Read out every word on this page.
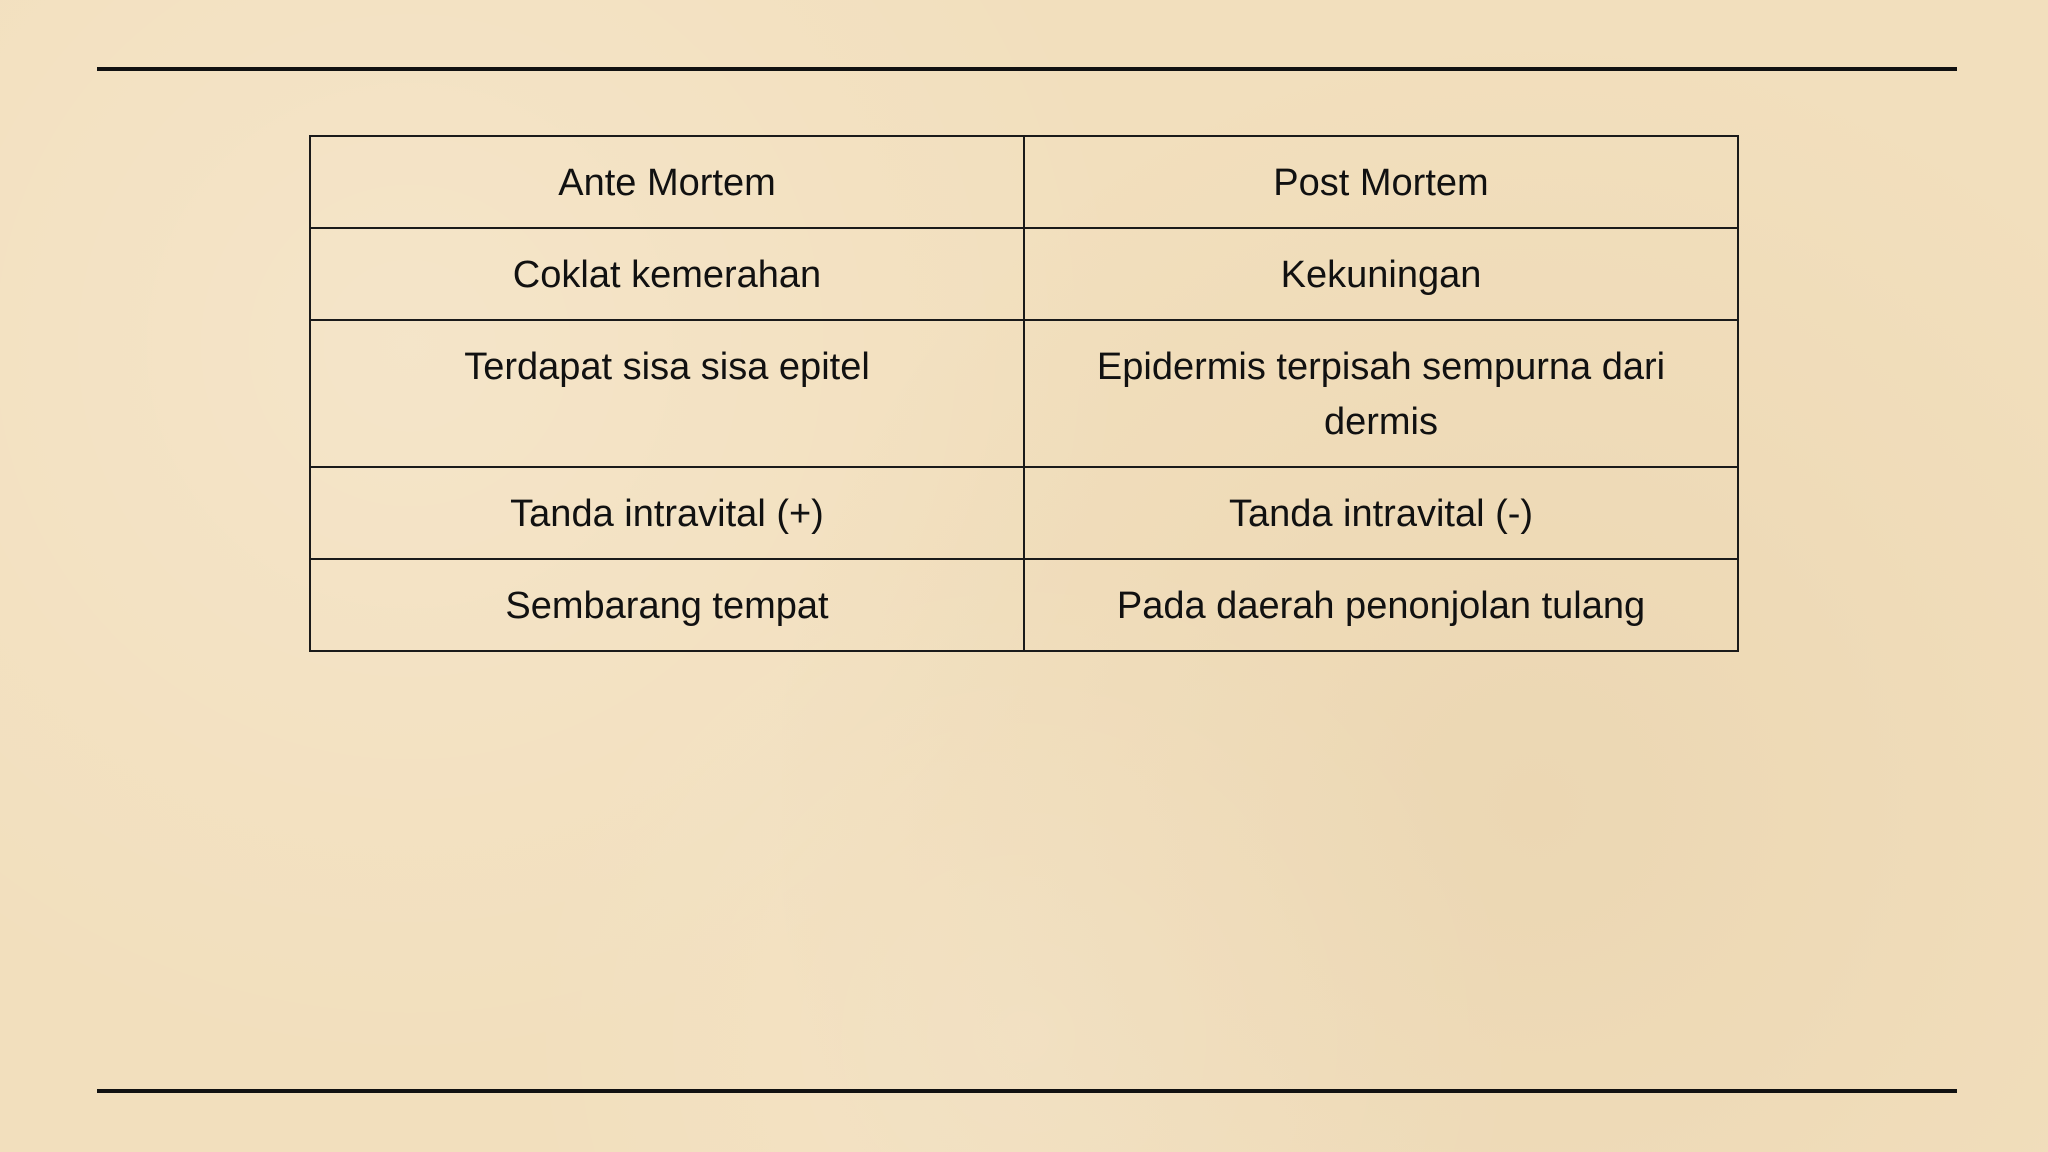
Ante Mortem	Post Mortem
Coklat kemerahan	Kekuningan
Terdapat sisa sisa epitel	Epidermis terpisah sempurna dari dermis
Tanda intravital (+)	Tanda intravital (-)
Sembarang tempat	Pada daerah penonjolan tulang
